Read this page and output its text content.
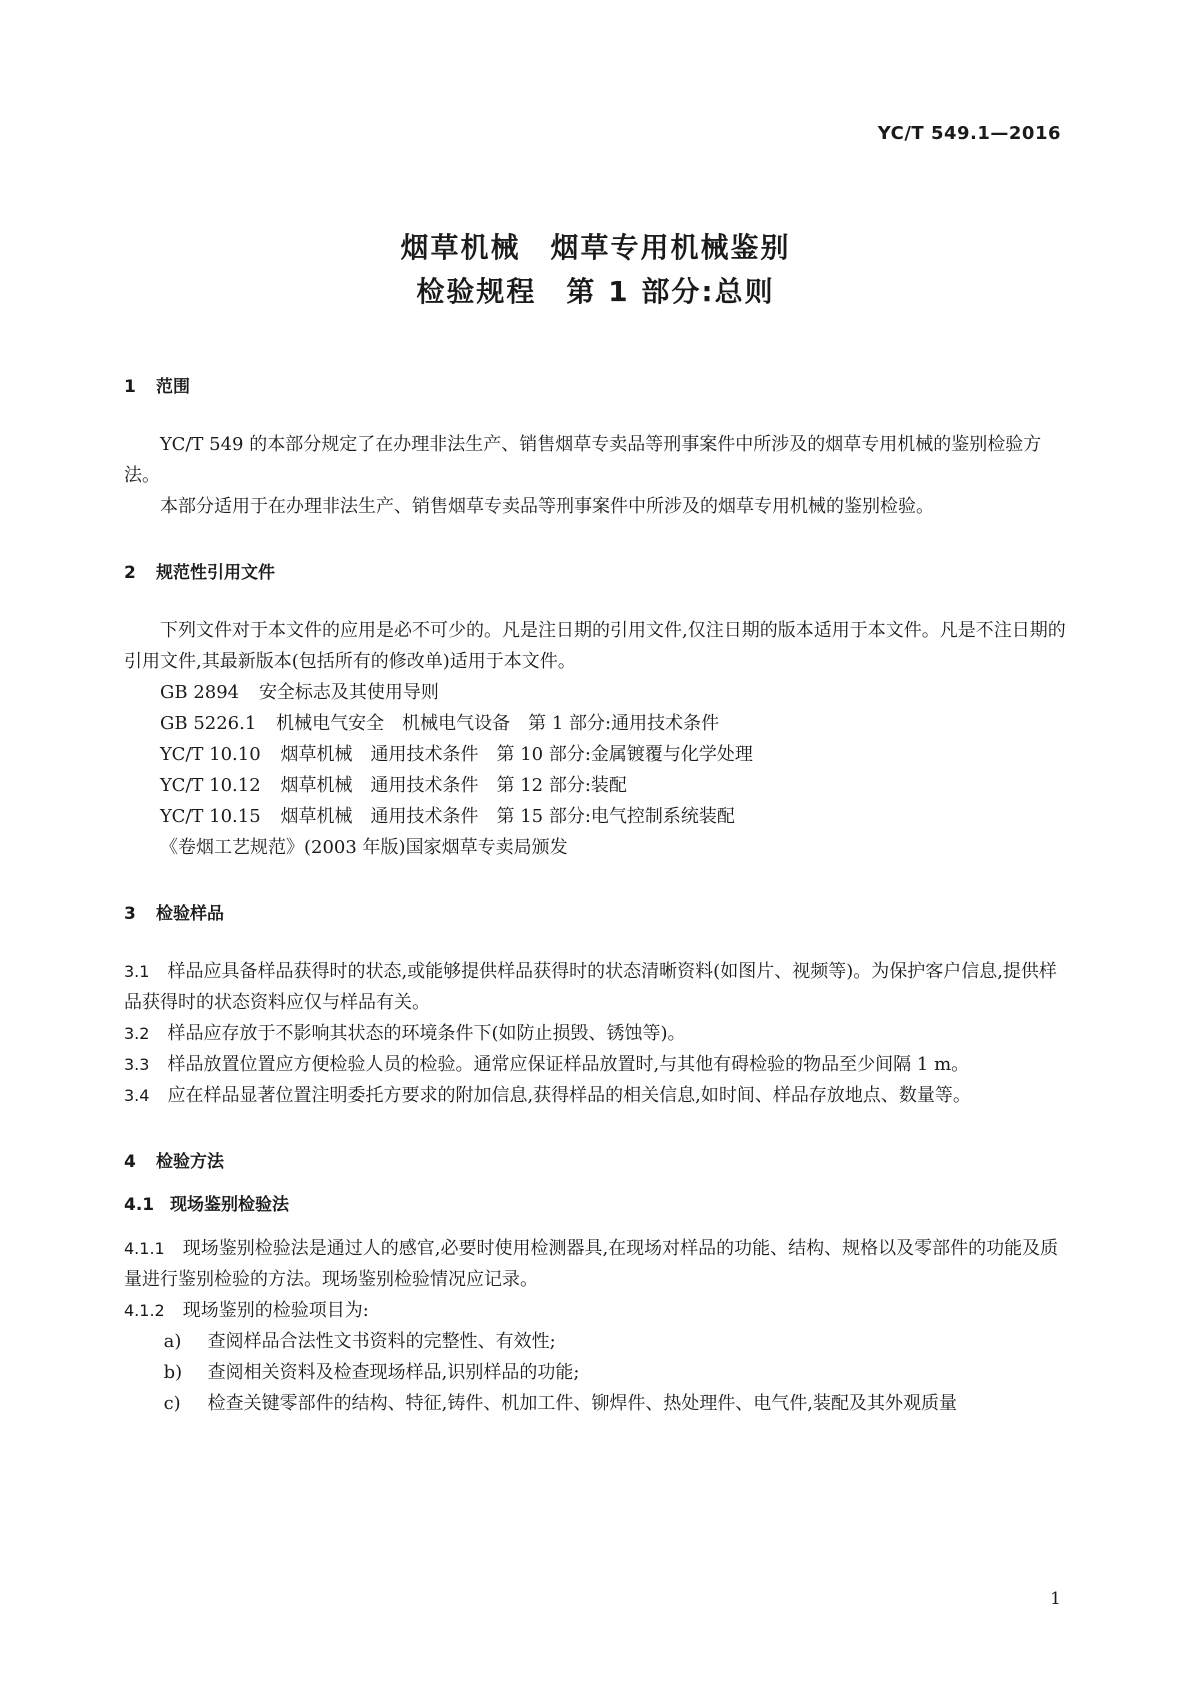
YC/T 549.1—2016
烟草机械　烟草专用机械鉴别
检验规程　第 1 部分:总则
1 范围

YC/T 549 的本部分规定了在办理非法生产、销售烟草专卖品等刑事案件中所涉及的烟草专用机械的鉴别检验方法。

本部分适用于在办理非法生产、销售烟草专卖品等刑事案件中所涉及的烟草专用机械的鉴别检验。

2 规范性引用文件

下列文件对于本文件的应用是必不可少的。凡是注日期的引用文件,仅注日期的版本适用于本文件。凡是不注日期的引用文件,其最新版本(包括所有的修改单)适用于本文件。

GB 2894 安全标志及其使用导则

GB 5226.1 机械电气安全　机械电气设备　第 1 部分:通用技术条件

YC/T 10.10 烟草机械　通用技术条件　第 10 部分:金属镀覆与化学处理

YC/T 10.12 烟草机械　通用技术条件　第 12 部分:装配

YC/T 10.15 烟草机械　通用技术条件　第 15 部分:电气控制系统装配

《卷烟工艺规范》(2003 年版)国家烟草专卖局颁发

3 检验样品

3.1 样品应具备样品获得时的状态,或能够提供样品获得时的状态清晰资料(如图片、视频等)。为保护客户信息,提供样品获得时的状态资料应仅与样品有关。

3.2 样品应存放于不影响其状态的环境条件下(如防止损毁、锈蚀等)。

3.3 样品放置位置应方便检验人员的检验。通常应保证样品放置时,与其他有碍检验的物品至少间隔 1 m。

3.4 应在样品显著位置注明委托方要求的附加信息,获得样品的相关信息,如时间、样品存放地点、数量等。

4 检验方法
4.1 现场鉴别检验法

4.1.1 现场鉴别检验法是通过人的感官,必要时使用检测器具,在现场对样品的功能、结构、规格以及零部件的功能及质量进行鉴别检验的方法。现场鉴别检验情况应记录。

4.1.2 现场鉴别的检验项目为:

a) 查阅样品合法性文书资料的完整性、有效性;

b) 查阅相关资料及检查现场样品,识别样品的功能;

c) 检查关键零部件的结构、特征,铸件、机加工件、铆焊件、热处理件、电气件,装配及其外观质量

1
